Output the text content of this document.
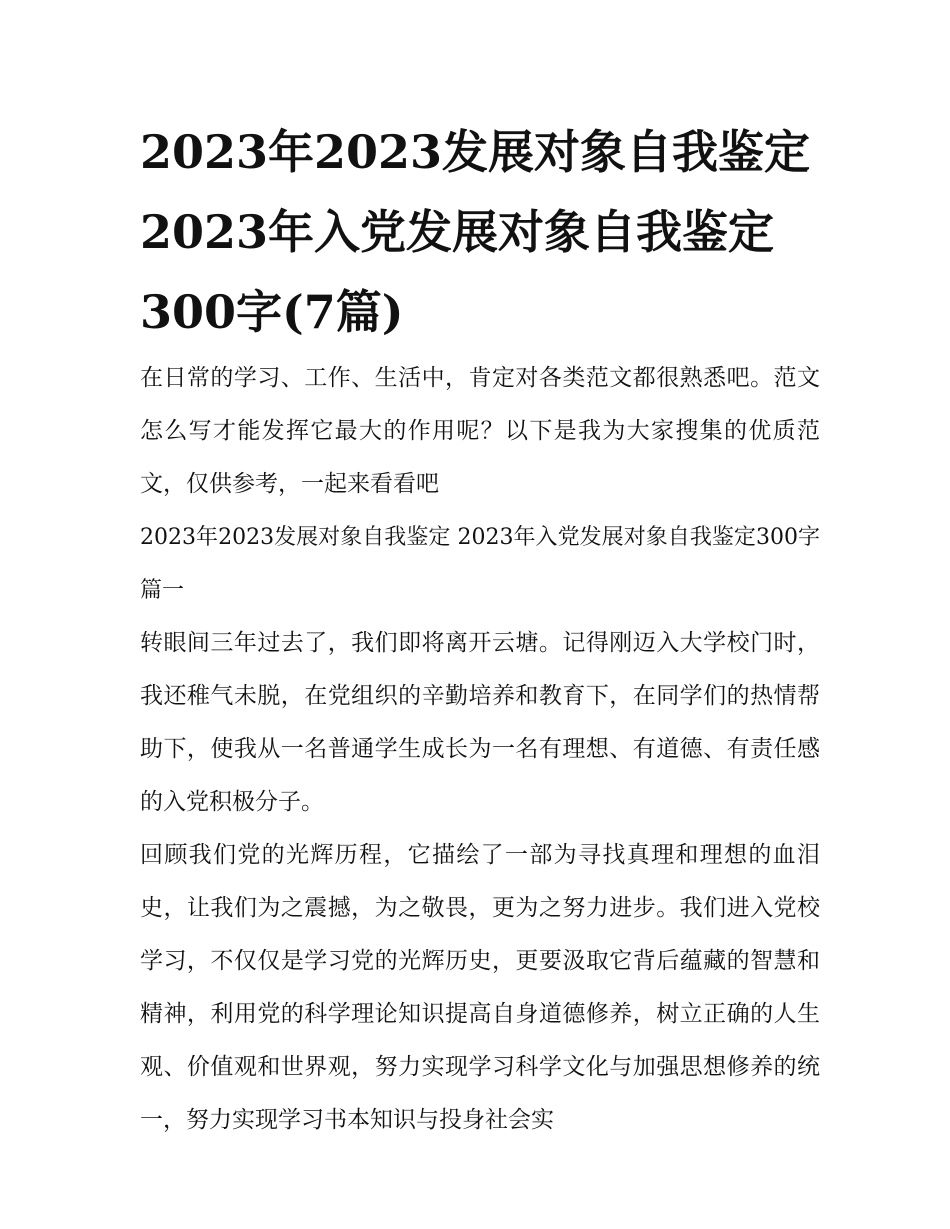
2023年2023发展对象自我鉴定 2023年入党发展对象自我鉴定300字(7篇)

在日常的学习、工作、生活中，肯定对各类范文都很熟悉吧。范文怎么写才能发挥它最大的作用呢？以下是我为大家搜集的优质范文，仅供参考，一起来看看吧

2023年2023发展对象自我鉴定 2023年入党发展对象自我鉴定300字篇一

转眼间三年过去了，我们即将离开云塘。记得刚迈入大学校门时，我还稚气未脱，在党组织的辛勤培养和教育下，在同学们的热情帮助下，使我从一名普通学生成长为一名有理想、有道德、有责任感的入党积极分子。

回顾我们党的光辉历程，它描绘了一部为寻找真理和理想的血泪史，让我们为之震撼，为之敬畏，更为之努力进步。我们进入党校学习，不仅仅是学习党的光辉历史，更要汲取它背后蕴藏的智慧和精神，利用党的科学理论知识提高自身道德修养，树立正确的人生观、价值观和世界观，努力实现学习科学文化与加强思想修养的统一，努力实现学习书本知识与投身社会实
